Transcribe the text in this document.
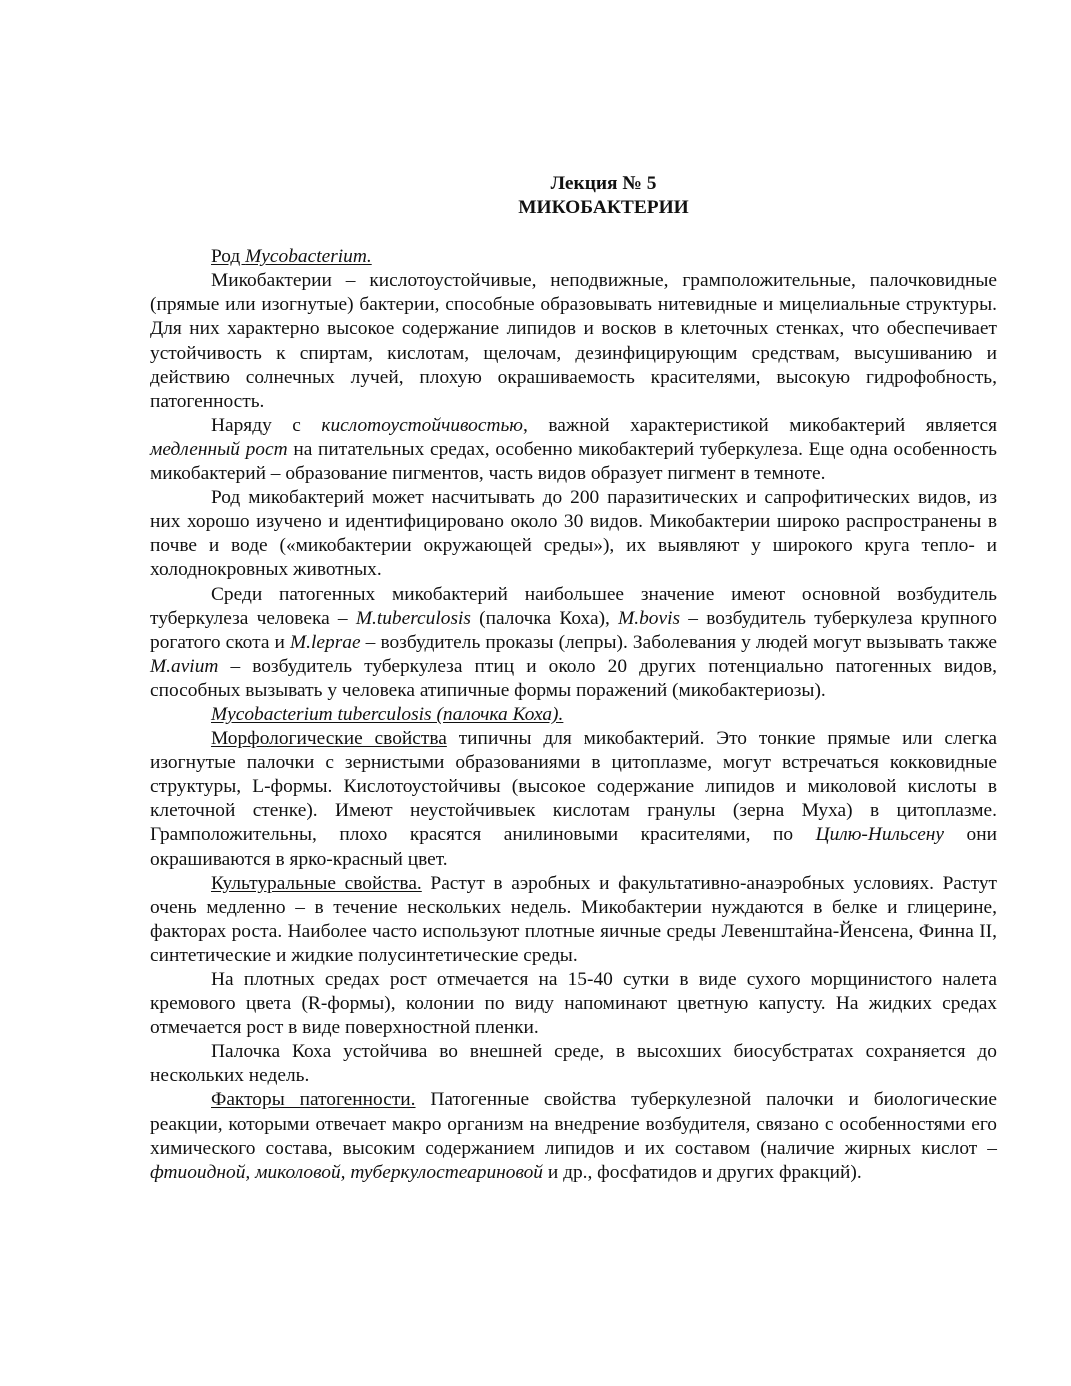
Лекция № 5
МИКОБАКТЕРИИ

Род Mycobacterium.

Микобактерии – кислотоустойчивые, неподвижные, грамположительные, палочковидные (прямые или изогнутые) бактерии, способные образовывать нитевидные и мицелиальные структуры. Для них характерно высокое содержание липидов и восков в клеточных стенках, что обеспечивает устойчивость к спиртам, кислотам, щелочам, дезинфицирующим средствам, высушиванию и действию солнечных лучей, плохую окрашиваемость красителями, высокую гидрофобность, патогенность.

Наряду с кислотоустойчивостью, важной характеристикой микобактерий является медленный рост на питательных средах, особенно микобактерий туберкулеза. Еще одна особенность микобактерий – образование пигментов, часть видов образует пигмент в темноте.

Род микобактерий может насчитывать до 200 паразитических и сапрофитических видов, из них хорошо изучено и идентифицировано около 30 видов. Микобактерии широко распространены в почве и воде («микобактерии окружающей среды»), их выявляют у широкого круга тепло- и холоднокровных животных.

Среди патогенных микобактерий наибольшее значение имеют основной возбудитель туберкулеза человека – M.tuberculosis (палочка Коха), M.bovis – возбудитель туберкулеза крупного рогатого скота и M.leprae – возбудитель проказы (лепры). Заболевания у людей могут вызывать также M.avium – возбудитель туберкулеза птиц и около 20 других потенциально патогенных видов, способных вызывать у человека атипичные формы поражений (микобактериозы).

Mycobacterium tuberculosis (палочка Коха).

Морфологические свойства типичны для микобактерий. Это тонкие прямые или слегка изогнутые палочки с зернистыми образованиями в цитоплазме, могут встречаться кокковидные структуры, L-формы. Кислотоустойчивы (высокое содержание липидов и миколовой кислоты в клеточной стенке). Имеют неустойчивыек кислотам гранулы (зерна Муха) в цитоплазме. Грамположительны, плохо красятся анилиновыми красителями, по Цилю-Нильсену они окрашиваются в ярко-красный цвет.

Культуральные свойства. Растут в аэробных и факультативно-анаэробных условиях. Растут очень медленно – в течение нескольких недель. Микобактерии нуждаются в белке и глицерине, факторах роста. Наиболее часто используют плотные яичные среды Левенштайна-Йенсена, Финна II, синтетические и жидкие полусинтетические среды.

На плотных средах рост отмечается на 15-40 сутки в виде сухого морщинистого налета кремового цвета (R-формы), колонии по виду напоминают цветную капусту. На жидких средах отмечается рост в виде поверхностной пленки.

Палочка Коха устойчива во внешней среде, в высохших биосубстратах сохраняется до нескольких недель.

Факторы патогенности. Патогенные свойства туберкулезной палочки и биологические реакции, которыми отвечает макро организм на внедрение возбудителя, связано с особенностями его химического состава, высоким содержанием липидов и их составом (наличие жирных кислот – фтиоидной, миколовой, туберкулостеариновой и др., фосфатидов и других фракций).
